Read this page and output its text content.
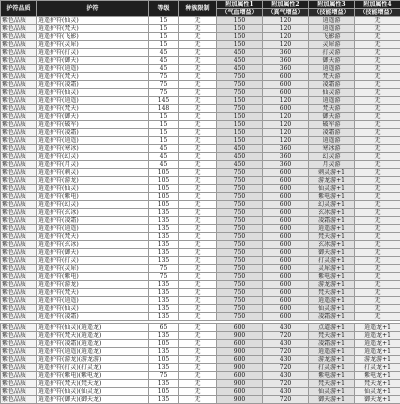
护符品质	护符	等级	种族限制	附加属性1	附加属性2	附加属性3	附加属性4
				（气血增益）	（真气增益）	（技能增益）	（技能增益）
紫色品质	逍遥护符(仙灵)	15	无	150	120	逍遥游	无
紫色品质	逍遥护符(梵天)	15	无	150	120	逍遥游	无
紫色品质	逍遥护符(飞影)	15	无	150	120	飞影游	无
紫色品质	逍遥护符(灵犀)	15	无	150	120	灵犀游	无
紫色品质	逍遥护符(打灵)	45	无	450	360	打灵游	无
紫色品质	逍遥护符(御天)	45	无	450	360	御天游	无
紫色品质	逍遥护符(逍遥)	45	无	450	360	逍遥游	无
紫色品质	逍遥护符(梵天)	75	无	750	600	梵天游	无
紫色品质	逍遥护符(凌霜)	75	无	750	600	凌霜游	无
紫色品质	逍遥护符(仙灵)	75	无	750	600	仙灵游	无
紫色品质	逍遥护符(逍遥)	145	无	150	120	逍遥游	无
紫色品质	逍遥护符(梵天)	148	无	750	600	梵天游	无
紫色品质	逍遥护符(御天)	15	无	150	120	御天游	无
紫色品质	逍遥护符(破军)	15	无	150	120	破军游	无
紫色品质	逍遥护符(凌霜)	15	无	150	120	凌霜游	无
紫色品质	逍遥护符(逍遥)	15	无	150	120	逍遥游	无
紫色品质	逍遥护符(寒冰)	45	无	450	360	寒冰游	无
紫色品质	逍遥护符(幻灵)	45	无	450	360	幻灵游	无
紫色品质	逍遥护符(月灵)	45	无	450	360	月灵游	无
紫色品质	逍遥护符(刺灵)	105	无	750	600	刺灵游+1	无
紫色品质	逍遥护符(游龙)	105	无	750	600	游龙游+1	无
紫色品质	逍遥护符(仙灵)	105	无	750	600	仙灵游+1	无
紫色品质	逍遥护符(紫电)	105	无	750	600	紫电游+1	无
紫色品质	逍遥护符(幻灵)	105	无	750	600	幻灵游+1	无
紫色品质	逍遥护符(玄冰)	135	无	750	600	玄冰游+1	无
紫色品质	逍遥护符(凌霜)	135	无	750	600	凌霜游+1	无
紫色品质	逍遥护符(逍遥)	135	无	750	600	逍遥游+1	无
紫色品质	逍遥护符(梵天)	135	无	750	600	梵天游+1	无
紫色品质	逍遥护符(玄冰)	135	无	750	600	玄冰游+1	无
紫色品质	逍遥护符(御天)	135	无	750	600	御天游+1	无
紫色品质	逍遥护符(打灵)	135	无	750	600	打灵游+1	无
紫色品质	逍遥护符(灵犀)	75	无	750	600	灵犀游+1	无
紫色品质	逍遥护符(紫电)	75	无	750	600	紫电游+1	无
紫色品质	逍遥护符(游龙)	135	无	750	600	游龙游+1	无
紫色品质	逍遥护符(梵天)	135	无	750	600	梵天游+1	无
紫色品质	逍遥护符(逍遥)	135	无	750	600	逍遥游+1	无
紫色品质	逍遥护符(仙灵)	135	无	750	600	仙灵游+1	无
紫色品质	逍遥护符(凌霜)	135	无	750	600	凌霜游+1	无
紫色品质	逍遥护符(仙灵)(逍遥龙)	65	无	600	430	点道游+1	逍遥龙+1
紫色品质	逍遥护符(梵天)(逍遥龙)	135	无	900	720	梵天游+1	逍遥龙+1
紫色品质	逍遥护符(凌霜)(逍遥龙)	105	无	600	430	凌霜游+1	逍遥龙+1
紫色品质	逍遥护符(逍遥)(逍遥龙)	135	无	900	720	逍遥游+1	逍遥龙+1
紫色品质	逍遥护符(游龙)(游龙游)	105	无	600	430	游龙游+1	游龙游+1
紫色品质	逍遥护符(打灵)(打灵龙)	135	无	900	720	打灵游+1	打灵龙+1
紫色品质	逍遥护符(紫电)(紫电龙)	75	无	600	430	紫电游+1	紫电龙+1
紫色品质	逍遥护符(梵天)(梵天龙)	135	无	900	720	梵天游+1	梵天龙+1
紫色品质	逍遥护符(仙灵)(仙灵龙)	105	无	600	430	仙灵游+1	仙灵龙+1
紫色品质	逍遥护符(御天)(御天龙)	135	无	900	720	御天游+1	御天龙+1
